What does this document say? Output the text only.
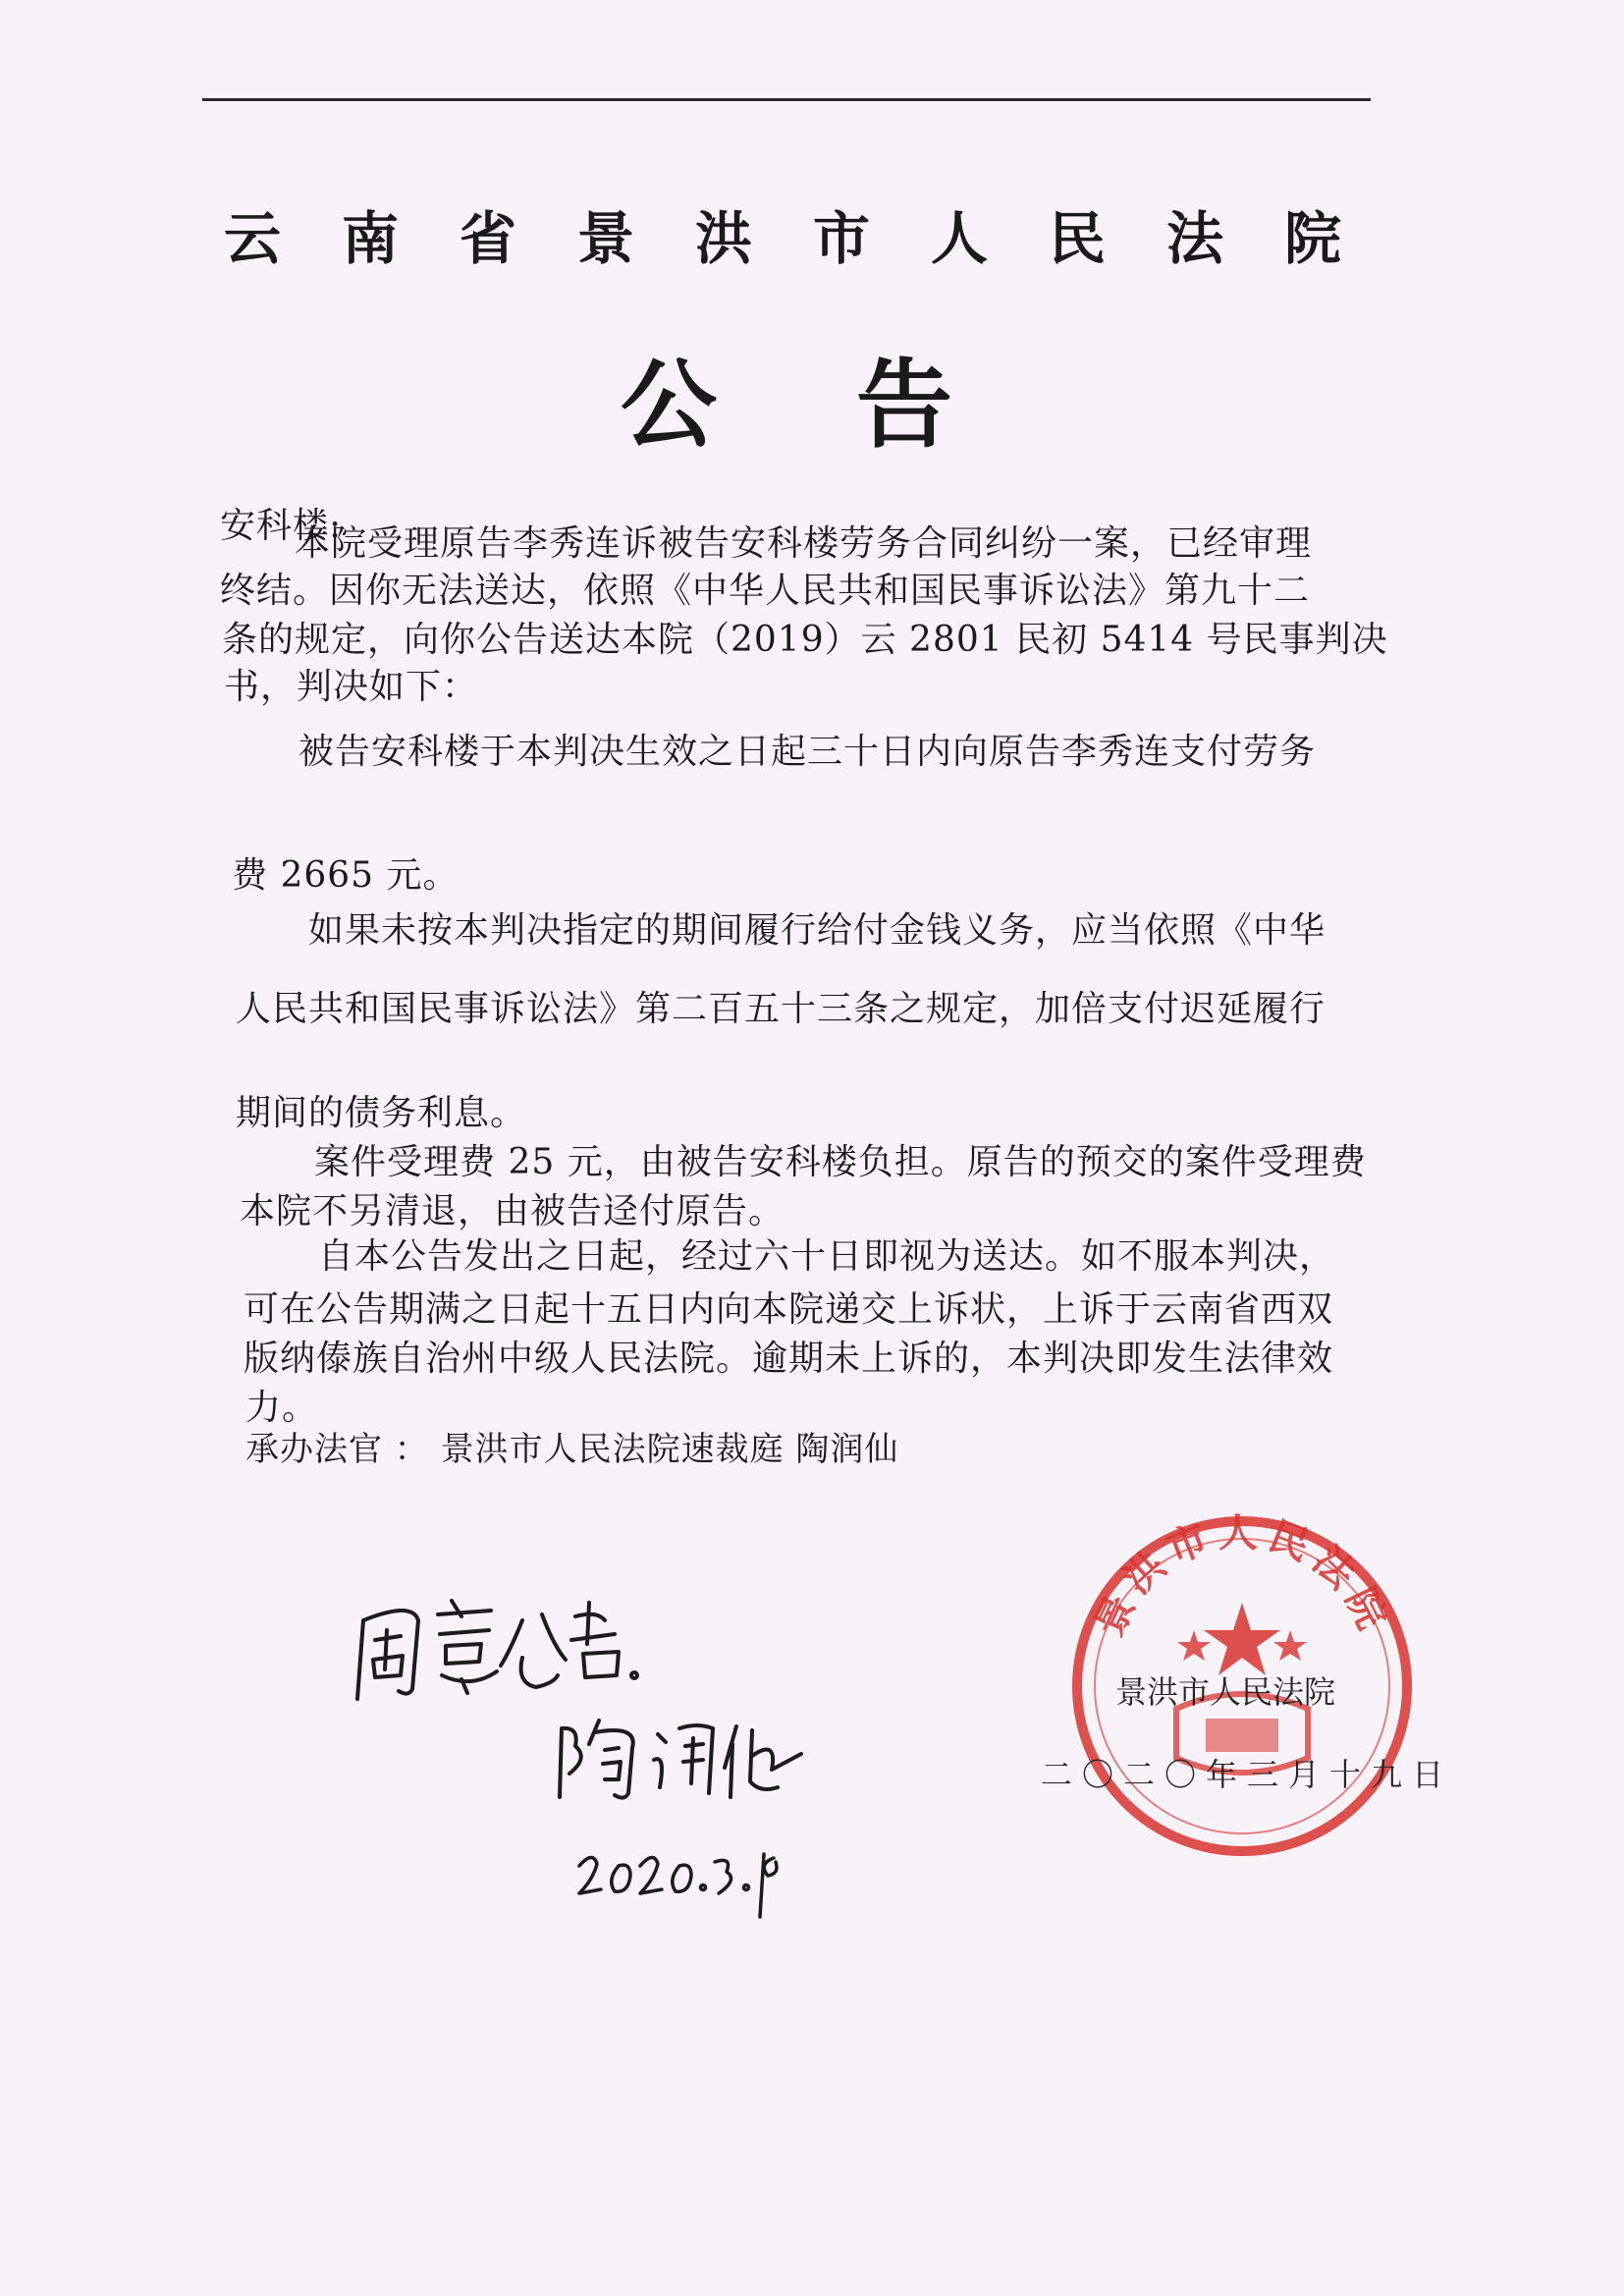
云南省景洪市人民法院
公告
安科楼:
本院受理原告李秀连诉被告安科楼劳务合同纠纷一案，已经审理
终结。因你无法送达，依照《中华人民共和国民事诉讼法》第九十二
条的规定，向你公告送达本院（2019）云 2801 民初 5414 号民事判决
书，判决如下：
被告安科楼于本判决生效之日起三十日内向原告李秀连支付劳务
费 2665 元。
如果未按本判决指定的期间履行给付金钱义务，应当依照《中华
人民共和国民事诉讼法》第二百五十三条之规定，加倍支付迟延履行
期间的债务利息。
案件受理费 25 元，由被告安科楼负担。原告的预交的案件受理费
本院不另清退，由被告迳付原告。
自本公告发出之日起，经过六十日即视为送达。如不服本判决，
可在公告期满之日起十五日内向本院递交上诉状，上诉于云南省西双
版纳傣族自治州中级人民法院。逾期未上诉的，本判决即发生法律效
力。
承办法官 ： 景洪市人民法院速裁庭 陶润仙
景洪市人民法院
景洪市人民法院
二〇二〇年三月十九日
